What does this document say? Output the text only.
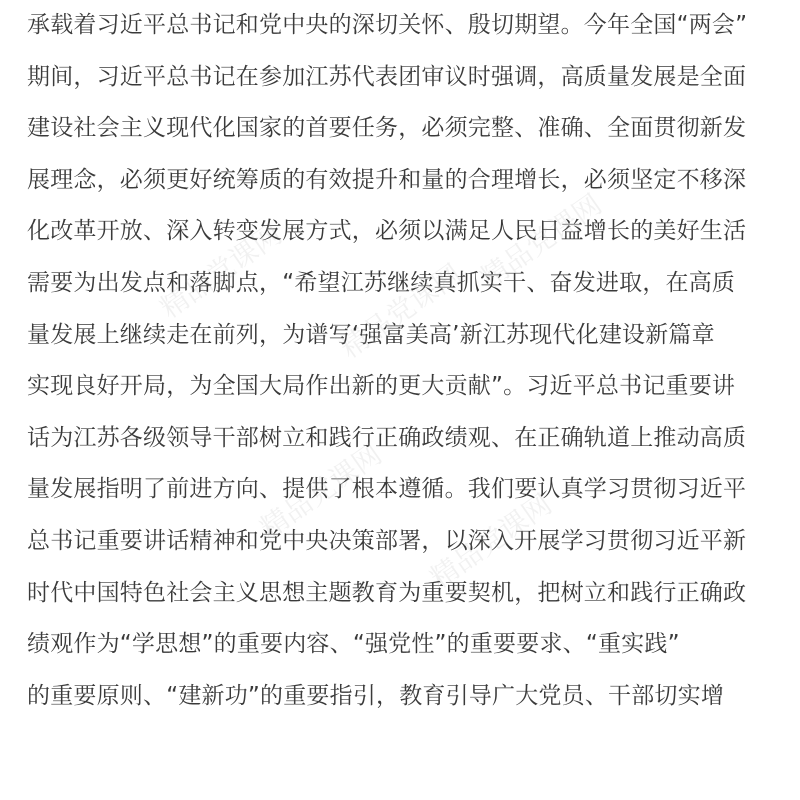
承载着习近平总书记和党中央的深切关怀、殷切期望。今年全国“两会”
期间，习近平总书记在参加江苏代表团审议时强调，高质量发展是全面
建设社会主义现代化国家的首要任务，必须完整、准确、全面贯彻新发
展理念，必须更好统筹质的有效提升和量的合理增长，必须坚定不移深
化改革开放、深入转变发展方式，必须以满足人民日益增长的美好生活
需要为出发点和落脚点，“希望江苏继续真抓实干、奋发进取，在高质
量发展上继续走在前列，为谱写‘强富美高’新江苏现代化建设新篇章
实现良好开局，为全国大局作出新的更大贡献”。习近平总书记重要讲
话为江苏各级领导干部树立和践行正确政绩观、在正确轨道上推动高质
量发展指明了前进方向、提供了根本遵循。我们要认真学习贯彻习近平
总书记重要讲话精神和党中央决策部署，以深入开展学习贯彻习近平新
时代中国特色社会主义思想主题教育为重要契机，把树立和践行正确政
绩观作为“学思想”的重要内容、“强党性”的重要要求、“重实践”
的重要原则、“建新功”的重要指引，教育引导广大党员、干部切实增
精品党课网 精品党课网
精品党课网
精品党课网 精品党课网
